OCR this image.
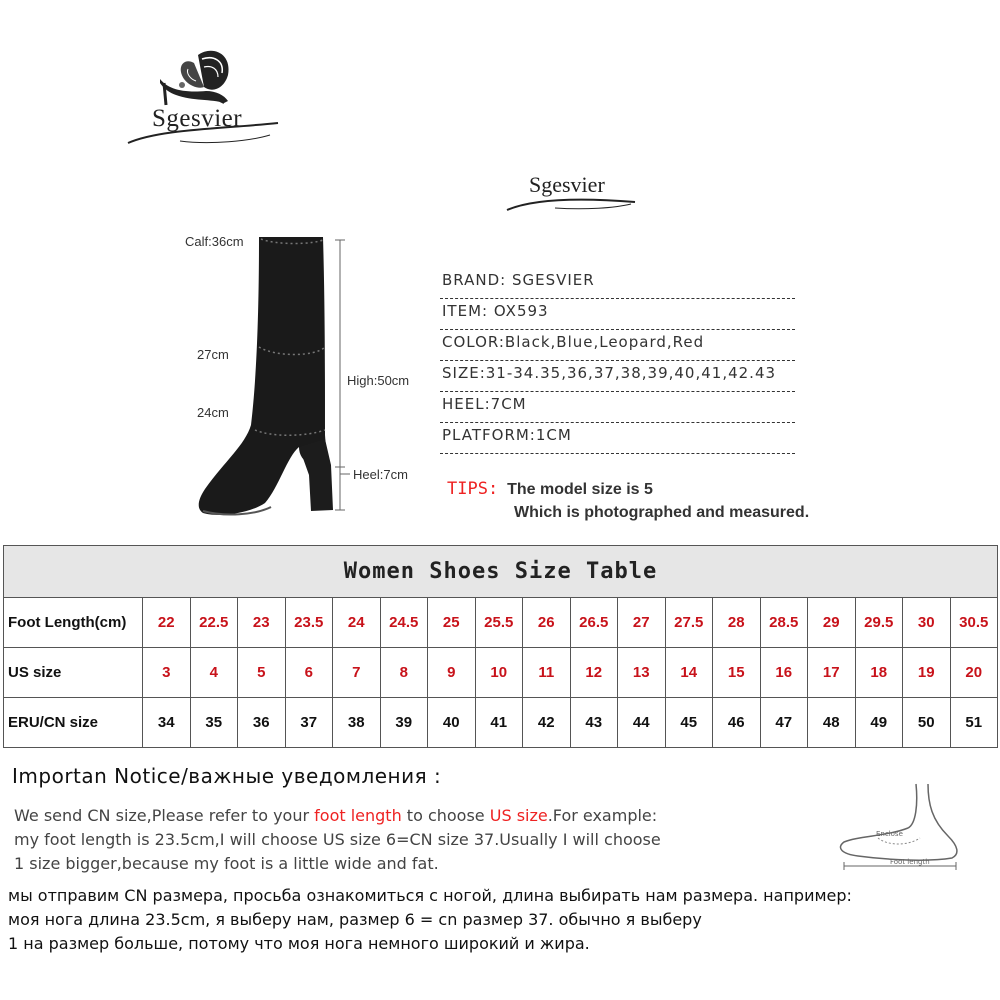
Sgesvier
Sgesvier
Calf:36cm
27cm
24cm
High:50cm
Heel:7cm
BRAND: SGESVIER
ITEM: OX593
COLOR:Black,Blue,Leopard,Red
SIZE:31-34.35,36,37,38,39,40,41,42.43
HEEL:7CM
PLATFORM:1CM
TIPS: The model size is 5
Which is photographed and measured.
Women Shoes Size Table																		
Foot Length(cm)	22	22.5	23	23.5	24	24.5	25	25.5	26	26.5	27	27.5	28	28.5	29	29.5	30	30.5
US size	3	4	5	6	7	8	9	10	11	12	13	14	15	16	17	18	19	20
ERU/CN size	34	35	36	37	38	39	40	41	42	43	44	45	46	47	48	49	50	51
Importan Notice/важные уведомления :
We send CN size,Please refer to your foot length to choose US size.For example:
my foot length is 23.5cm,I will choose US size 6=CN size 37.Usually I will choose
1 size bigger,because my foot is a little wide and fat.
мы отправим CN размера, просьба ознакомиться с ногой, длина выбирать нам размера. например:
моя нога длина 23.5cm, я выберу нам, размер 6 = cn размер 37. обычно я выберу
1 на размер больше, потому что моя нога немного широкий и жира.
Enclose
Foot length
